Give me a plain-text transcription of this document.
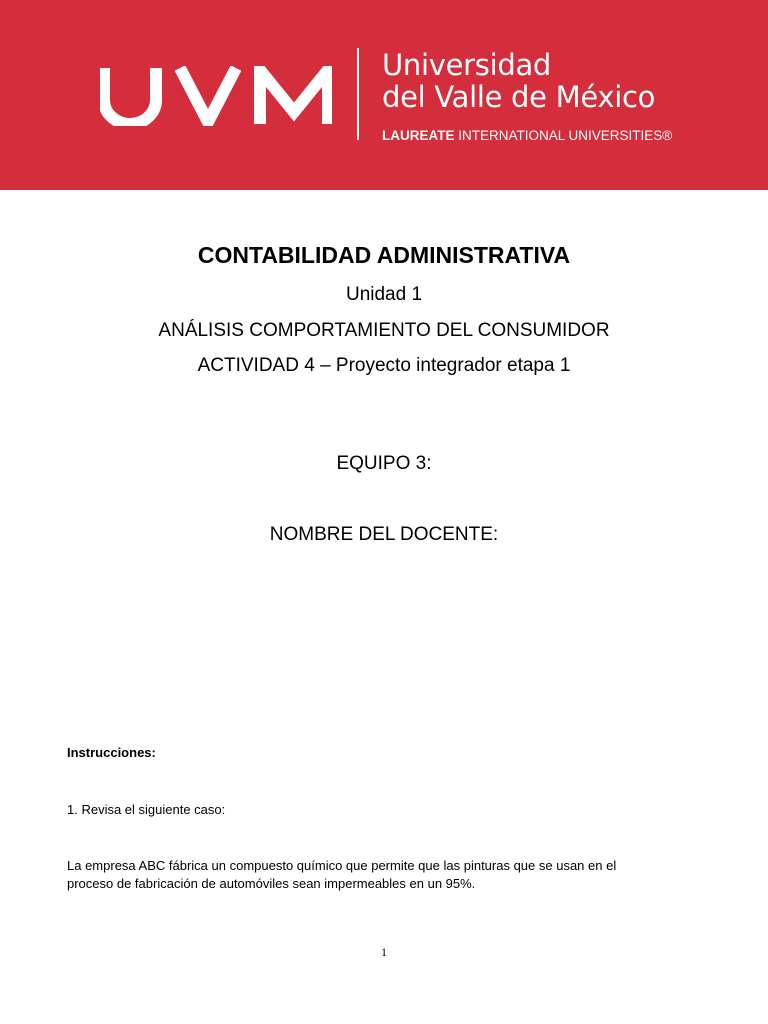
Universidad
del Valle de México
LAUREATE INTERNATIONAL UNIVERSITIES®
CONTABILIDAD ADMINISTRATIVA
Unidad 1
ANÁLISIS COMPORTAMIENTO DEL CONSUMIDOR
ACTIVIDAD 4 – Proyecto integrador etapa 1
EQUIPO 3:
NOMBRE DEL DOCENTE:
Instrucciones:
1. Revisa el siguiente caso:
La empresa ABC fábrica un compuesto químico que permite que las pinturas que se usan en el
proceso de fabricación de automóviles sean impermeables en un 95%.
1
